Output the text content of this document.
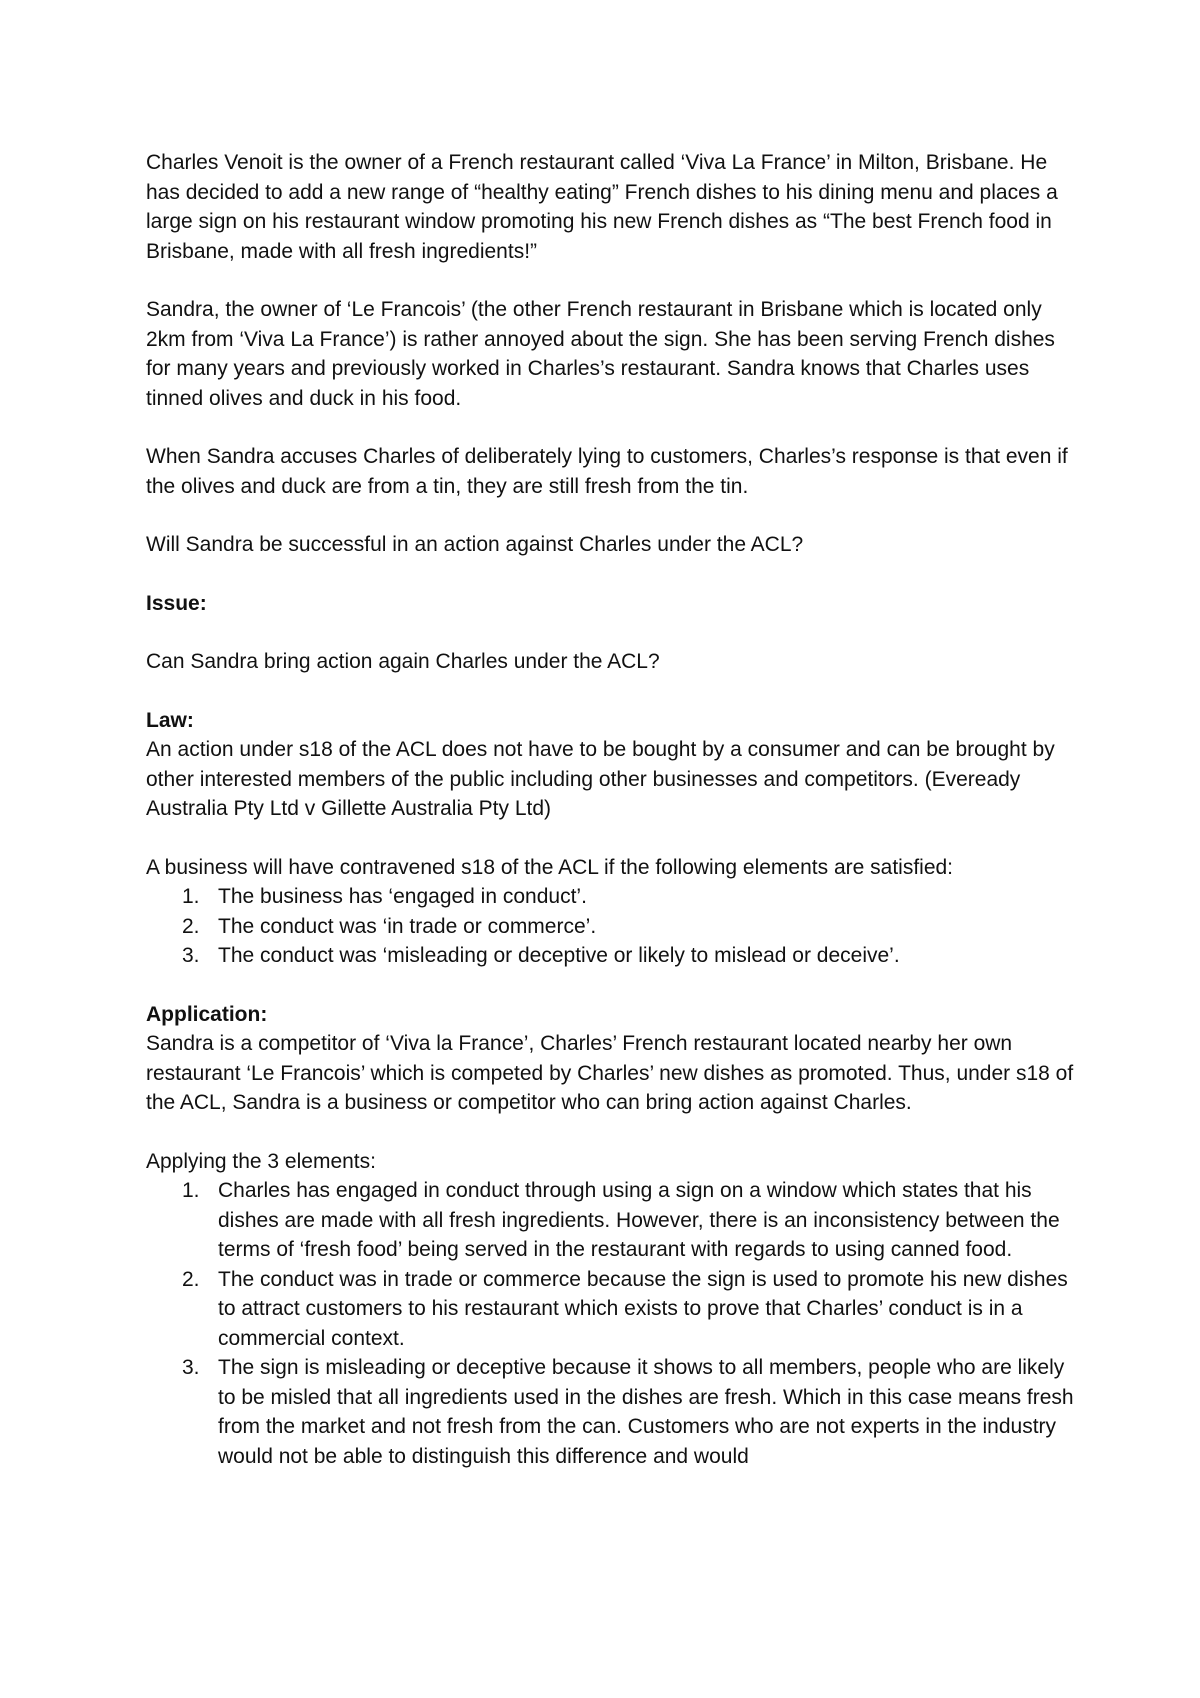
Charles Venoit is the owner of a French restaurant called ‘Viva La France’ in Milton, Brisbane. He has decided to add a new range of “healthy eating” French dishes to his dining menu and places a large sign on his restaurant window promoting his new French dishes as “The best French food in Brisbane, made with all fresh ingredients!”

Sandra, the owner of ‘Le Francois’ (the other French restaurant in Brisbane which is located only 2km from ‘Viva La France’) is rather annoyed about the sign. She has been serving French dishes for many years and previously worked in Charles’s restaurant. Sandra knows that Charles uses tinned olives and duck in his food.

When Sandra accuses Charles of deliberately lying to customers, Charles’s response is that even if the olives and duck are from a tin, they are still fresh from the tin.

Will Sandra be successful in an action against Charles under the ACL?

Issue:

Can Sandra bring action again Charles under the ACL?

Law:

An action under s18 of the ACL does not have to be bought by a consumer and can be brought by other interested members of the public including other businesses and competitors. (Eveready Australia Pty Ltd v Gillette Australia Pty Ltd)

A business will have contravened s18 of the ACL if the following elements are satisfied:

1. The business has ‘engaged in conduct’.
2. The conduct was ‘in trade or commerce’.
3. The conduct was ‘misleading or deceptive or likely to mislead or deceive’.

Application:

Sandra is a competitor of ‘Viva la France’, Charles’ French restaurant located nearby her own restaurant ‘Le Francois’ which is competed by Charles’ new dishes as promoted. Thus, under s18 of the ACL, Sandra is a business or competitor who can bring action against Charles.

Applying the 3 elements:

1. Charles has engaged in conduct through using a sign on a window which states that his dishes are made with all fresh ingredients. However, there is an inconsistency between the terms of ‘fresh food’ being served in the restaurant with regards to using canned food.
2. The conduct was in trade or commerce because the sign is used to promote his new dishes to attract customers to his restaurant which exists to prove that Charles’ conduct is in a commercial context.
3. The sign is misleading or deceptive because it shows to all members, people who are likely to be misled that all ingredients used in the dishes are fresh. Which in this case means fresh from the market and not fresh from the can. Customers who are not experts in the industry would not be able to distinguish this difference and would
